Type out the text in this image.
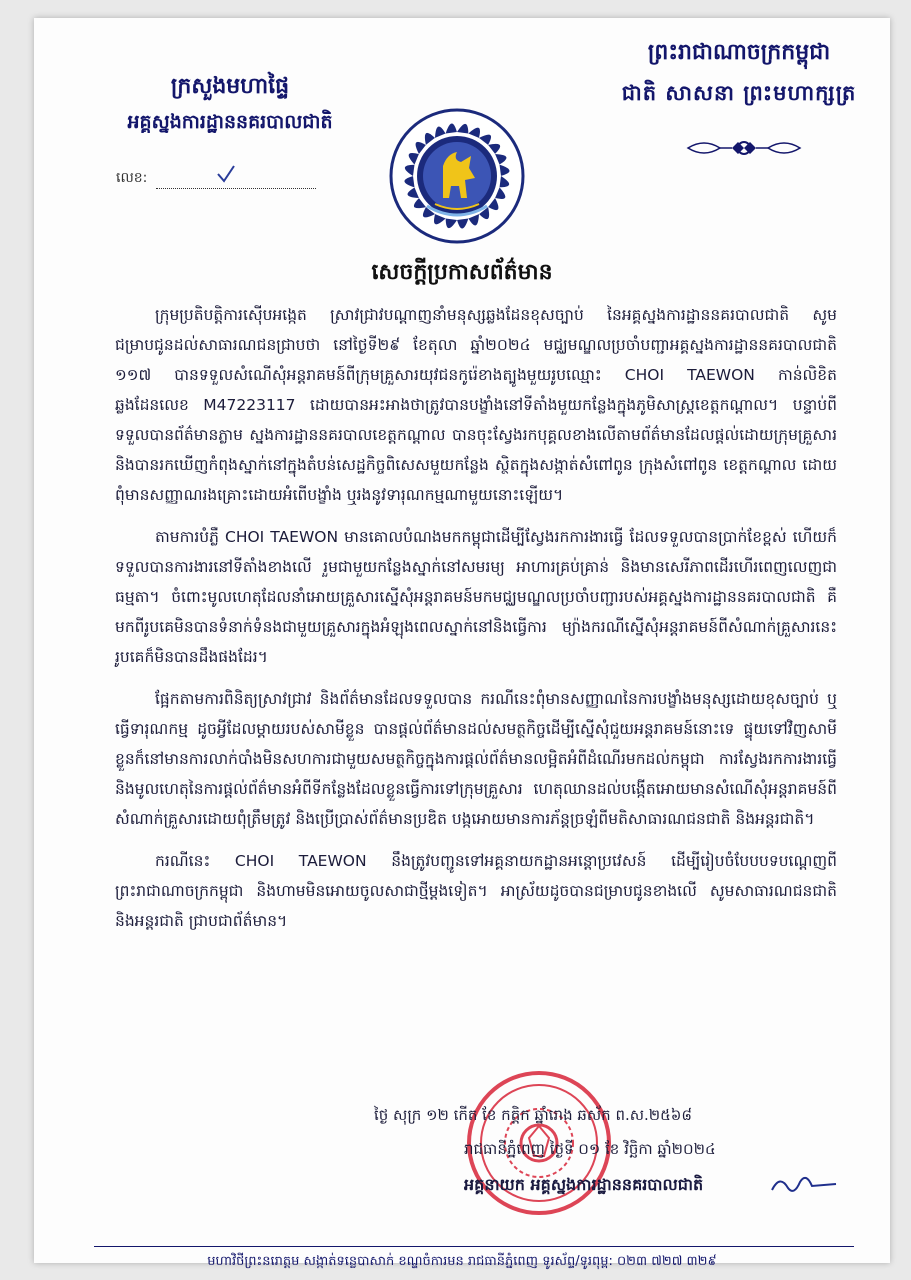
ព្រះរាជាណាចក្រកម្ពុជា
ជាតិ សាសនា ព្រះមហាក្សត្រ
ក្រសួងមហាផ្ទៃ
អគ្គស្នងការដ្ឋាននគរបាលជាតិ
លេខ:
សេចក្តីប្រកាសព័ត៌មាន

ក្រុមប្រតិបត្តិការស៊ើបអង្កេត ស្រាវជ្រាវបណ្តាញនាំមនុស្សឆ្លងដែនខុសច្បាប់ នៃអគ្គស្នងការដ្ឋាននគរបាលជាតិ សូមជម្រាបជូនដល់សាធារណជនជ្រាបថា នៅថ្ងៃទី២៩ ខែតុលា ឆ្នាំ២០២៤ មជ្ឈមណ្ឌលប្រចាំបញ្ជាអគ្គស្នងការដ្ឋាននគរបាលជាតិ ១១៧ បានទទួលសំណើសុំអន្តរាគមន៍ពីក្រុមគ្រួសារយុវជនកូរ៉េខាងត្បូងមួយរូបឈ្មោះ CHOI TAEWON កាន់លិខិតឆ្លងដែនលេខ M47223117 ដោយបានអះអាងថាត្រូវបានបង្ខាំងនៅទីតាំងមួយកន្លែងក្នុងភូមិសាស្ត្រខេត្តកណ្តាល។ បន្ទាប់ពីទទួលបានព័ត៌មានភ្លាម ស្នងការដ្ឋាននគរបាលខេត្តកណ្តាល បានចុះស្វែងរកបុគ្គលខាងលើតាមព័ត៌មានដែលផ្តល់ដោយក្រុមគ្រួសារ និងបានរកឃើញកំពុងស្នាក់នៅក្នុងតំបន់សេដ្ឋកិច្ចពិសេសមួយកន្លែង ស្ថិតក្នុងសង្កាត់សំពៅពូន ក្រុងសំពៅពូន ខេត្តកណ្តាល ដោយពុំមានសញ្ញាណរងគ្រោះដោយអំពើបង្ខាំង ឬរងនូវទារុណកម្មណាមួយនោះឡើយ។

តាមការបំភ្លឺ CHOI TAEWON មានគោលបំណងមកកម្ពុជាដើម្បីស្វែងរកការងារធ្វើ ដែលទទួលបានប្រាក់ខែខ្ពស់ ហើយក៏ទទួលបានការងារនៅទីតាំងខាងលើ រួមជាមួយកន្លែងស្នាក់នៅសមរម្យ អាហារគ្រប់គ្រាន់ និងមានសេរីភាពដើរហើរពេញលេញជាធម្មតា។ ចំពោះមូលហេតុដែលនាំអោយគ្រួសារស្នើសុំអន្តរាគមន៍មកមជ្ឈមណ្ឌលប្រចាំបញ្ជារបស់អគ្គស្នងការដ្ឋាននគរបាលជាតិ គឺមកពីរូបគេមិនបានទំនាក់ទំនងជាមួយគ្រួសារក្នុងអំឡុងពេលស្នាក់នៅនិងធ្វើការ ម្យ៉ាងករណីស្នើសុំអន្តរាគមន៍ពីសំណាក់គ្រួសារនេះ រូបគេក៏មិនបានដឹងផងដែរ។

ផ្អែកតាមការពិនិត្យស្រាវជ្រាវ និងព័ត៌មានដែលទទួលបាន ករណីនេះពុំមានសញ្ញាណនៃការបង្ខាំងមនុស្សដោយខុសច្បាប់ ឬធ្វើទារុណកម្ម ដូចអ្វីដែលម្តាយរបស់សាមីខ្លួន បានផ្តល់ព័ត៌មានដល់សមត្ថកិច្ចដើម្បីស្នើសុំជួយអន្តរាគមន៍នោះទេ ផ្ទុយទៅវិញសាមីខ្លួនក៏នៅមានការលាក់បាំងមិនសហការជាមួយសមត្ថកិច្ចក្នុងការផ្តល់ព័ត៌មានលម្អិតអំពីដំណើរមកដល់កម្ពុជា ការស្វែងរកការងារធ្វើ និងមូលហេតុនៃការផ្តល់ព័ត៌មានអំពីទីកន្លែងដែលខ្លួនធ្វើការទៅក្រុមគ្រួសារ ហេតុឈានដល់បង្កើតអោយមានសំណើសុំអន្តរាគមន៍ពីសំណាក់គ្រួសារដោយពុំត្រឹមត្រូវ និងប្រើប្រាស់ព័ត៌មានប្រឌិត បង្កអោយមានការភ័ន្តច្រឡំពីមតិសាធារណជនជាតិ និងអន្តរជាតិ។

ករណីនេះ CHOI TAEWON នឹងត្រូវបញ្ជូនទៅអគ្គនាយកដ្ឋានអន្តោប្រវេសន៍ ដើម្បីរៀបចំបែបបទបណ្តេញពីព្រះរាជាណាចក្រកម្ពុជា និងហាមមិនអោយចូលសាជាថ្មីម្តងទៀត។ អាស្រ័យដូចបានជម្រាបជូនខាងលើ សូមសាធារណជនជាតិ និងអន្តរជាតិ ជ្រាបជាព័ត៌មាន។

ថ្ងៃ សុក្រ ១២ កើត ខែ កត្តិក ឆ្នាំរោង ឆស័ក ព.ស.២៥៦៨
រាជធានីភ្នំពេញ ថ្ងៃទី ០១ ខែ វិច្ឆិកា ឆ្នាំ២០២៤
អគ្គនាយក អគ្គស្នងការដ្ឋាននគរបាលជាតិ
មហាវិថីព្រះនរោត្តម សង្កាត់ទន្លេបាសាក់ ខណ្ឌចំការមន រាជធានីភ្នំពេញ ទូរស័ព្ទ/ទូរពុម្ព: ០២៣ ៧២៧ ៣២៩
